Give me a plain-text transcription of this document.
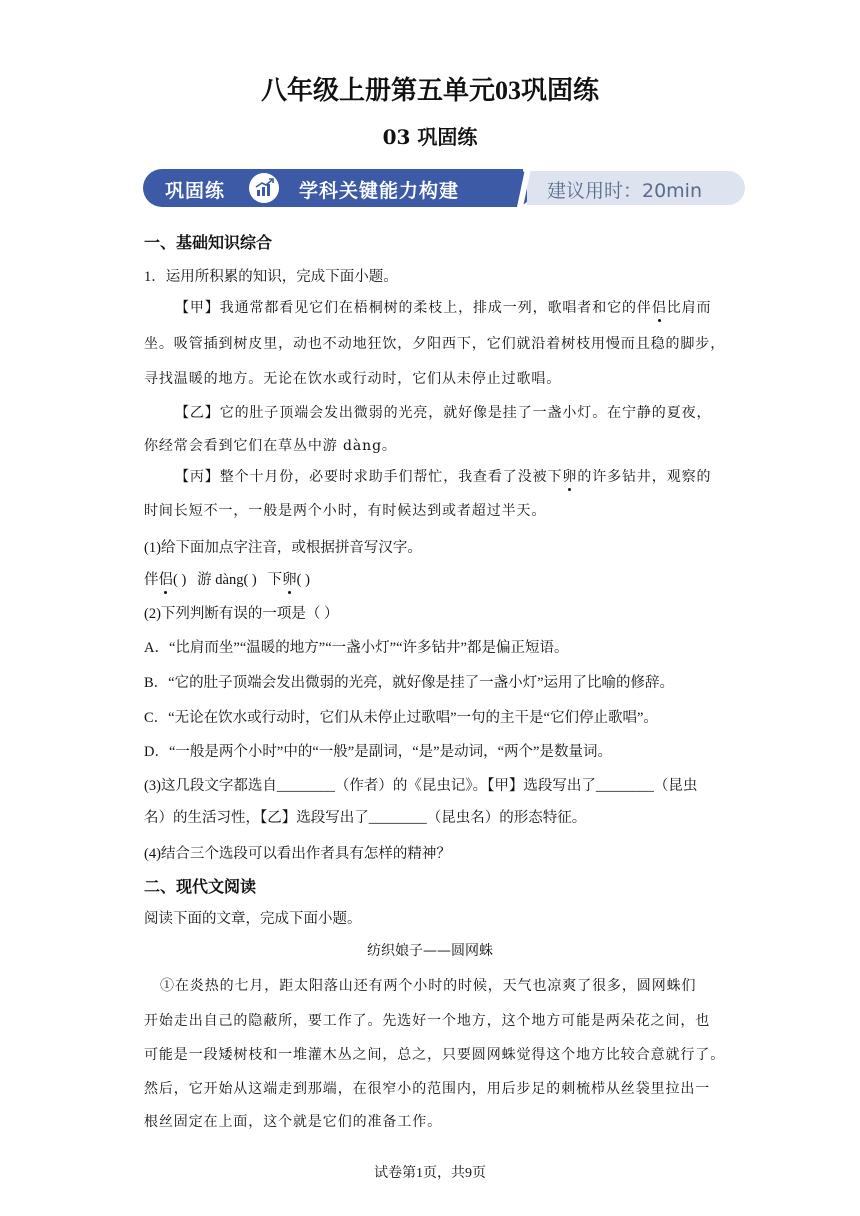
八年级上册第五单元03巩固练
03 巩固练
巩固练	学科关键能力构建	建议用时：20min
一、基础知识综合
1．运用所积累的知识，完成下面小题。
【甲】我通常都看见它们在梧桐树的柔枝上，排成一列，歌唱者和它的伴侣比肩而
坐。吸管插到树皮里，动也不动地狂饮，夕阳西下，它们就沿着树枝用慢而且稳的脚步，
寻找温暖的地方。无论在饮水或行动时，它们从未停止过歌唱。
【乙】它的肚子顶端会发出微弱的光亮，就好像是挂了一盏小灯。在宁静的夏夜，
你经常会看到它们在草丛中游 dàng。
【丙】整个十月份，必要时求助手们帮忙，我查看了没被下卵的许多钻井，观察的
时间长短不一，一般是两个小时，有时候达到或者超过半天。
(1)给下面加点字注音，或根据拼音写汉字。
伴侣( ) 游 dàng( ) 下卵( )
(2)下列判断有误的一项是（ ）
A．“比肩而坐”“温暖的地方”“一盏小灯”“许多钻井”都是偏正短语。
B．“它的肚子顶端会发出微弱的光亮，就好像是挂了一盏小灯”运用了比喻的修辞。
C．“无论在饮水或行动时，它们从未停止过歌唱”一句的主干是“它们停止歌唱”。
D．“一般是两个小时”中的“一般”是副词，“是”是动词，“两个”是数量词。
(3)这几段文字都选自________（作者）的《昆虫记》。【甲】选段写出了________（昆虫
名）的生活习性，【乙】选段写出了________（昆虫名）的形态特征。
(4)结合三个选段可以看出作者具有怎样的精神？
二、现代文阅读
阅读下面的文章，完成下面小题。
纺织娘子——圆网蛛
①在炎热的七月，距太阳落山还有两个小时的时候，天气也凉爽了很多，圆网蛛们
开始走出自己的隐蔽所，要工作了。先选好一个地方，这个地方可能是两朵花之间，也
可能是一段矮树枝和一堆灌木丛之间，总之，只要圆网蛛觉得这个地方比较合意就行了。
然后，它开始从这端走到那端，在很窄小的范围内，用后步足的刺梳栉从丝袋里拉出一
根丝固定在上面，这个就是它们的准备工作。
试卷第1页，共9页
